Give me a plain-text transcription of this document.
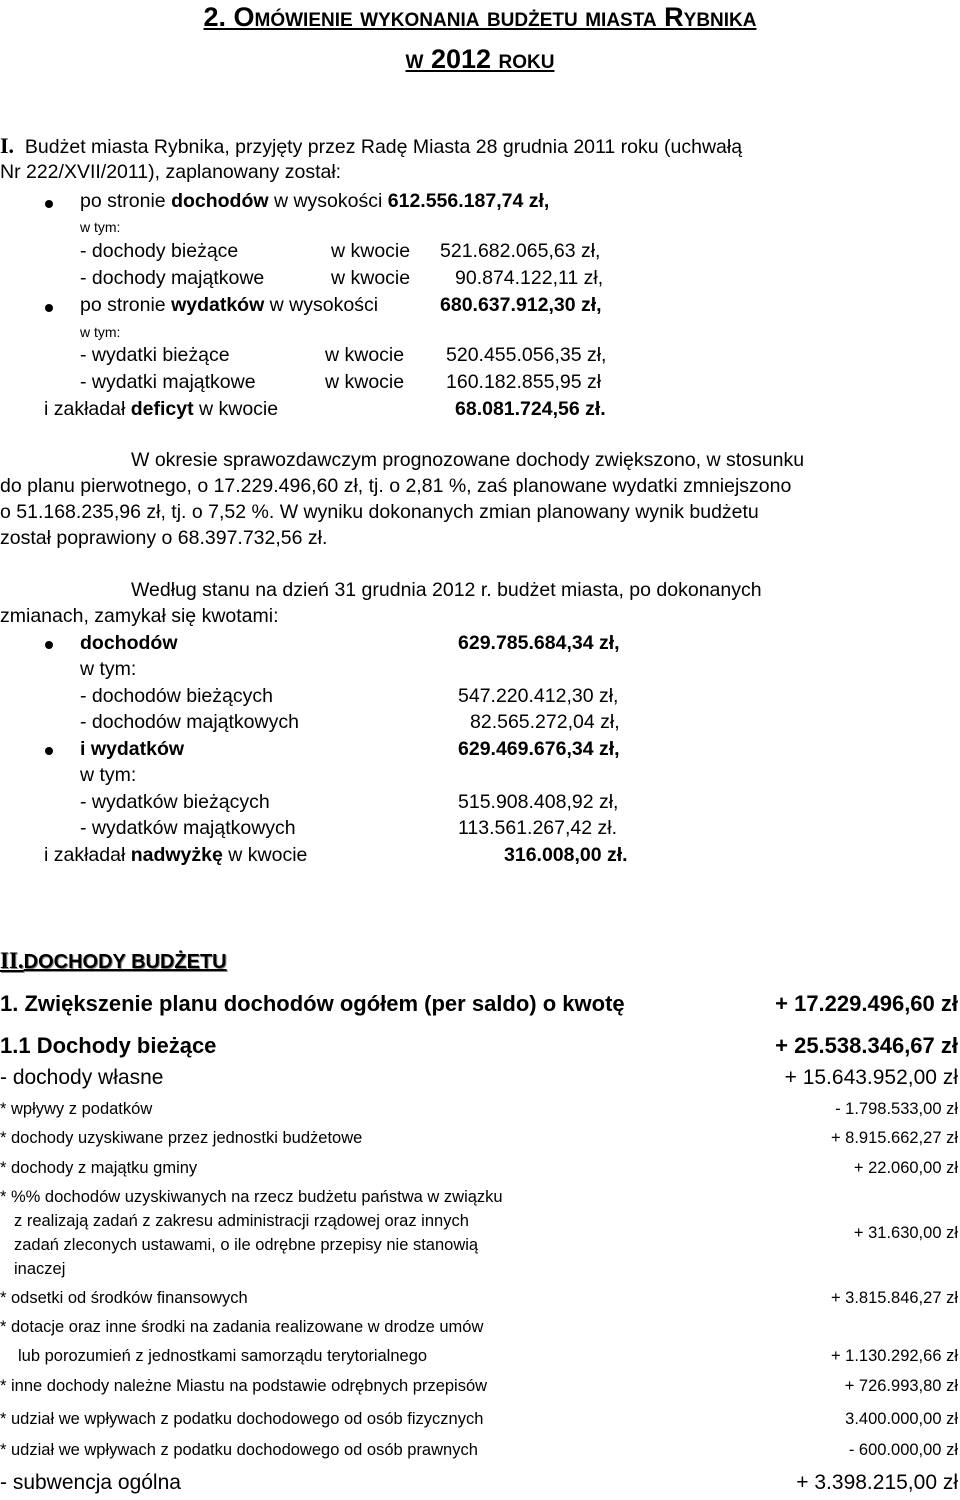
2. Omówienie wykonania budżetu miasta Rybnika
w 2012 roku
I. Budżet miasta Rybnika, przyjęty przez Radę Miasta 28 grudnia 2011 roku (uchwałą
Nr 222/XVII/2011), zaplanowany został:
po stronie dochodów w wysokości 612.556.187,74 zł,
w tym:
- dochody bieżące	w kwocie 521.682.065,63 zł,
- dochody majątkowe	w kwocie 90.874.122,11 zł,
po stronie wydatków w wysokości	680.637.912,30 zł,
w tym:
- wydatki bieżące	w kwocie 520.455.056,35 zł,
- wydatki majątkowe	w kwocie 160.182.855,95 zł
i zakładał deficyt w kwocie	68.081.724,56 zł.
W okresie sprawozdawczym prognozowane dochody zwiększono, w stosunku
do planu pierwotnego, o 17.229.496,60 zł, tj. o 2,81 %, zaś planowane wydatki zmniejszono
o 51.168.235,96 zł, tj. o 7,52 %. W wyniku dokonanych zmian planowany wynik budżetu
został poprawiony o 68.397.732,56 zł.
Według stanu na dzień 31 grudnia 2012 r. budżet miasta, po dokonanych
zmianach, zamykał się kwotami:
dochodów	629.785.684,34 zł,
w tym:
- dochodów bieżących	547.220.412,30 zł,
- dochodów majątkowych	82.565.272,04 zł,
i wydatków	629.469.676,34 zł,
w tym:
- wydatków bieżących	515.908.408,92 zł,
- wydatków majątkowych	113.561.267,42 zł.
i zakładał nadwyżkę w kwocie	316.008,00 zł.
II.DOCHODY BUDŻETU
1. Zwiększenie planu dochodów ogółem (per saldo) o kwotę	+ 17.229.496,60 zł
1.1 Dochody bieżące	+ 25.538.346,67 zł
- dochody własne	+ 15.643.952,00 zł
* wpływy z podatków	- 1.798.533,00 zł
* dochody uzyskiwane przez jednostki budżetowe	+ 8.915.662,27 zł
* dochody z majątku gminy	+ 22.060,00 zł
* %% dochodów uzyskiwanych na rzecz budżetu państwa w związku
z realizają zadań z zakresu administracji rządowej oraz innych
zadań zleconych ustawami, o ile odrębne przepisy nie stanowią
inaczej
+ 31.630,00 zł
* odsetki od środków finansowych	+ 3.815.846,27 zł
* dotacje oraz inne środki na zadania realizowane w drodze umów
lub porozumień z jednostkami samorządu terytorialnego	+ 1.130.292,66 zł
* inne dochody należne Miastu na podstawie odrębnych przepisów	+ 726.993,80 zł
* udział we wpływach z podatku dochodowego od osób fizycznych	3.400.000,00 zł
* udział we wpływach z podatku dochodowego od osób prawnych	- 600.000,00 zł
- subwencja ogólna	+ 3.398.215,00 zł
